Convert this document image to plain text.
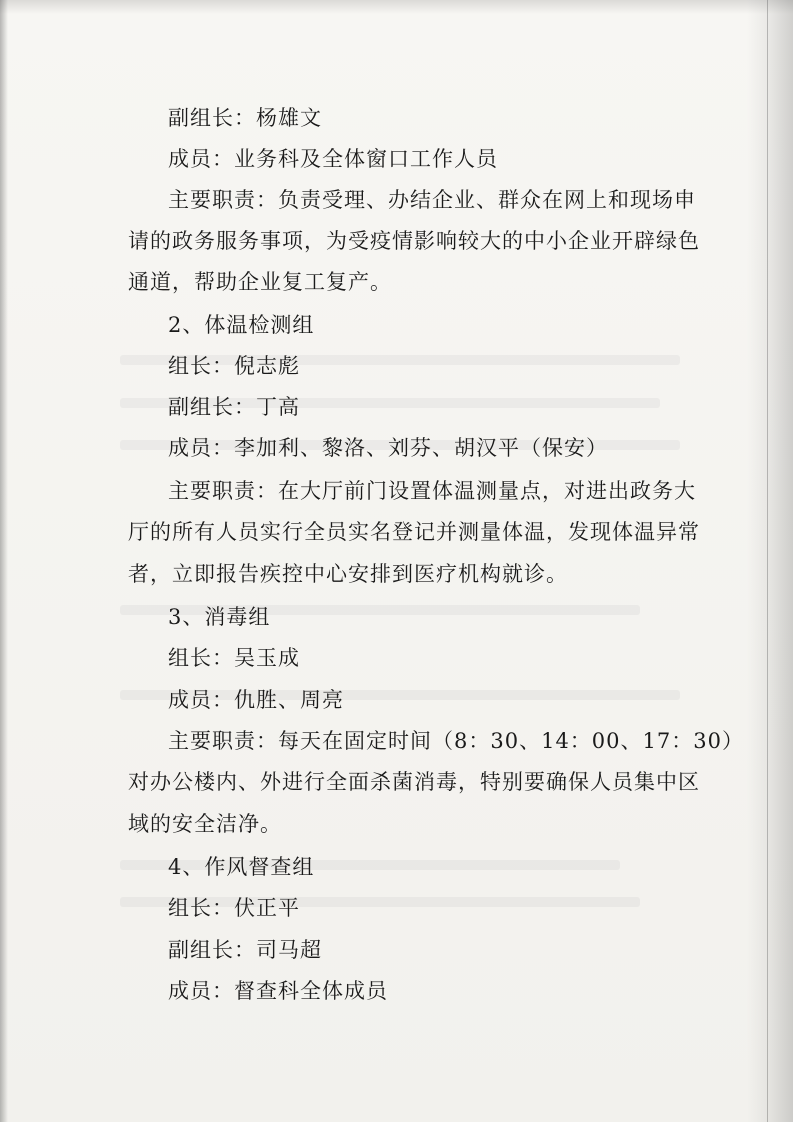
副组长：杨雄文
成员：业务科及全体窗口工作人员
主要职责：负责受理、办结企业、群众在网上和现场申
请的政务服务事项，为受疫情影响较大的中小企业开辟绿色
通道，帮助企业复工复产。
2、体温检测组
组长：倪志彪
副组长：丁高
成员：李加利、黎洛、刘芬、胡汉平（保安）
主要职责：在大厅前门设置体温测量点，对进出政务大
厅的所有人员实行全员实名登记并测量体温，发现体温异常
者，立即报告疾控中心安排到医疗机构就诊。
3、消毒组
组长：吴玉成
成员：仇胜、周亮
主要职责：每天在固定时间（8：30、14：00、17：30）
对办公楼内、外进行全面杀菌消毒，特别要确保人员集中区
域的安全洁净。
4、作风督查组
组长：伏正平
副组长：司马超
成员：督查科全体成员
